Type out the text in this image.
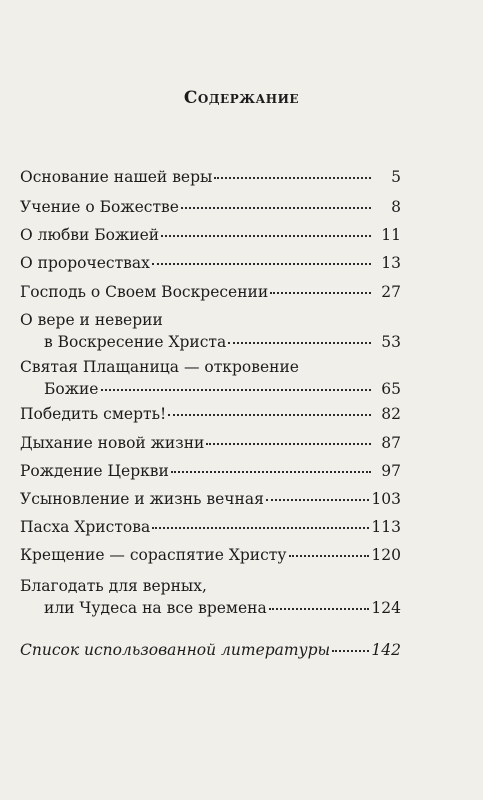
Содержание
Основание нашей веры	5
Учение о Божестве	8
О любви Божией	11
О пророчествах	13
Господь о Своем Воскресении	27
О вере и неверии
в Воскресение Христа	53
Святая Плащаница — откровение
Божие	65
Победить смерть!	82
Дыхание новой жизни	87
Рождение Церкви	97
Усыновление и жизнь вечная	103
Пасха Христова	113
Крещение — сораспятие Христу	120
Благодать для верных,
или Чудеса на все времена	124
Список использованной литературы	142
